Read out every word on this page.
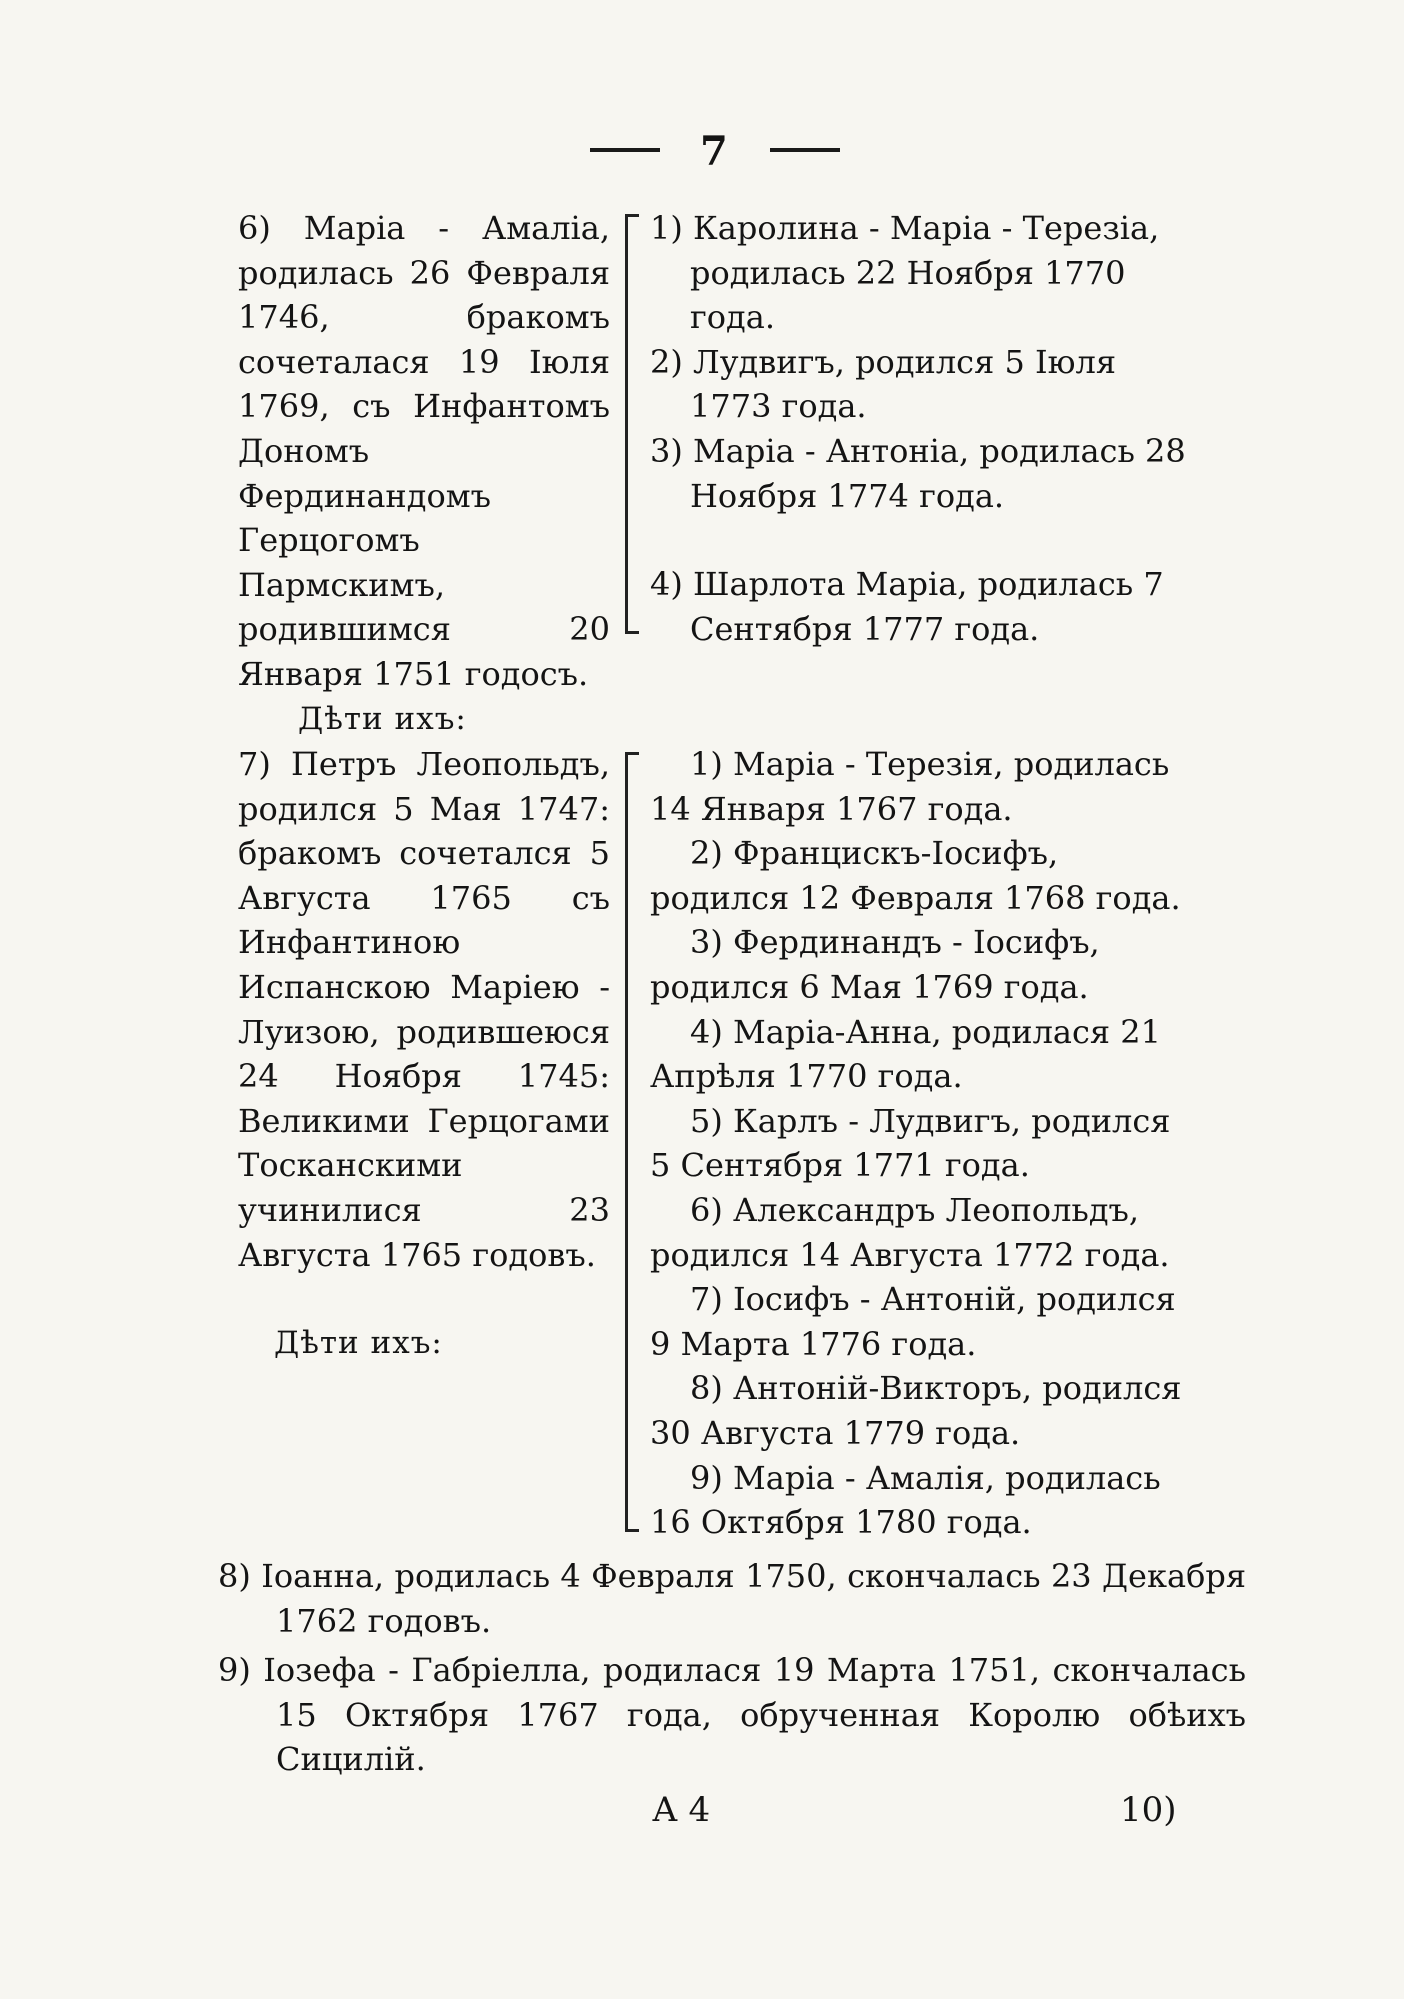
7
6) Марiа - Амалiа, родилась 26 Февраля 1746, бракомъ сочеталася 19 Iюля 1769, съ Инфантомъ Дономъ Фердинандомъ Герцогомъ Пармскимъ, родившимся 20 Января 1751 годосъ.
Дѣти ихъ:
1) Каролина - Марiа - Терезiа, родилась 22 Ноября 1770 года.
2) Лудвигъ, родился 5 Iюля 1773 года.
3) Марiа - Антонiа, родилась 28 Ноября 1774 года.
4) Шарлота Марiа, родилась 7 Сентября 1777 года.
7) Петръ Леопольдъ, родился 5 Мая 1747: бракомъ сочетался 5 Августа 1765 съ Инфантиною Испанскою Марiею - Луизою, родившеюся 24 Ноября 1745: Великими Герцогами Тосканскими учинилися 23 Августа 1765 годовъ.
Дѣти ихъ:
1) Марiа - Терезiя, родилась 14 Января 1767 года.
2) Францискъ-Iосифъ, родился 12 Февраля 1768 года.
3) Фердинандъ - Iосифъ, родился 6 Мая 1769 года.
4) Марiа-Анна, родилася 21 Апрѣля 1770 года.
5) Карлъ - Лудвигъ, родился 5 Сентября 1771 года.
6) Александръ Леопольдъ, родился 14 Августа 1772 года.
7) Iосифъ - Антонiй, родился 9 Марта 1776 года.
8) Антонiй-Викторъ, родился 30 Августа 1779 года.
9) Марiа - Амалiя, родилась 16 Октября 1780 года.
8) Iоанна, родилась 4 Февраля 1750, скончалась 23 Декабря 1762 годовъ.
9) Iозефа - Габрiелла, родилася 19 Марта 1751, скончалась 15 Октября 1767 года, обрученная Королю обѣихъ Сицилiй.
А 4	10)
